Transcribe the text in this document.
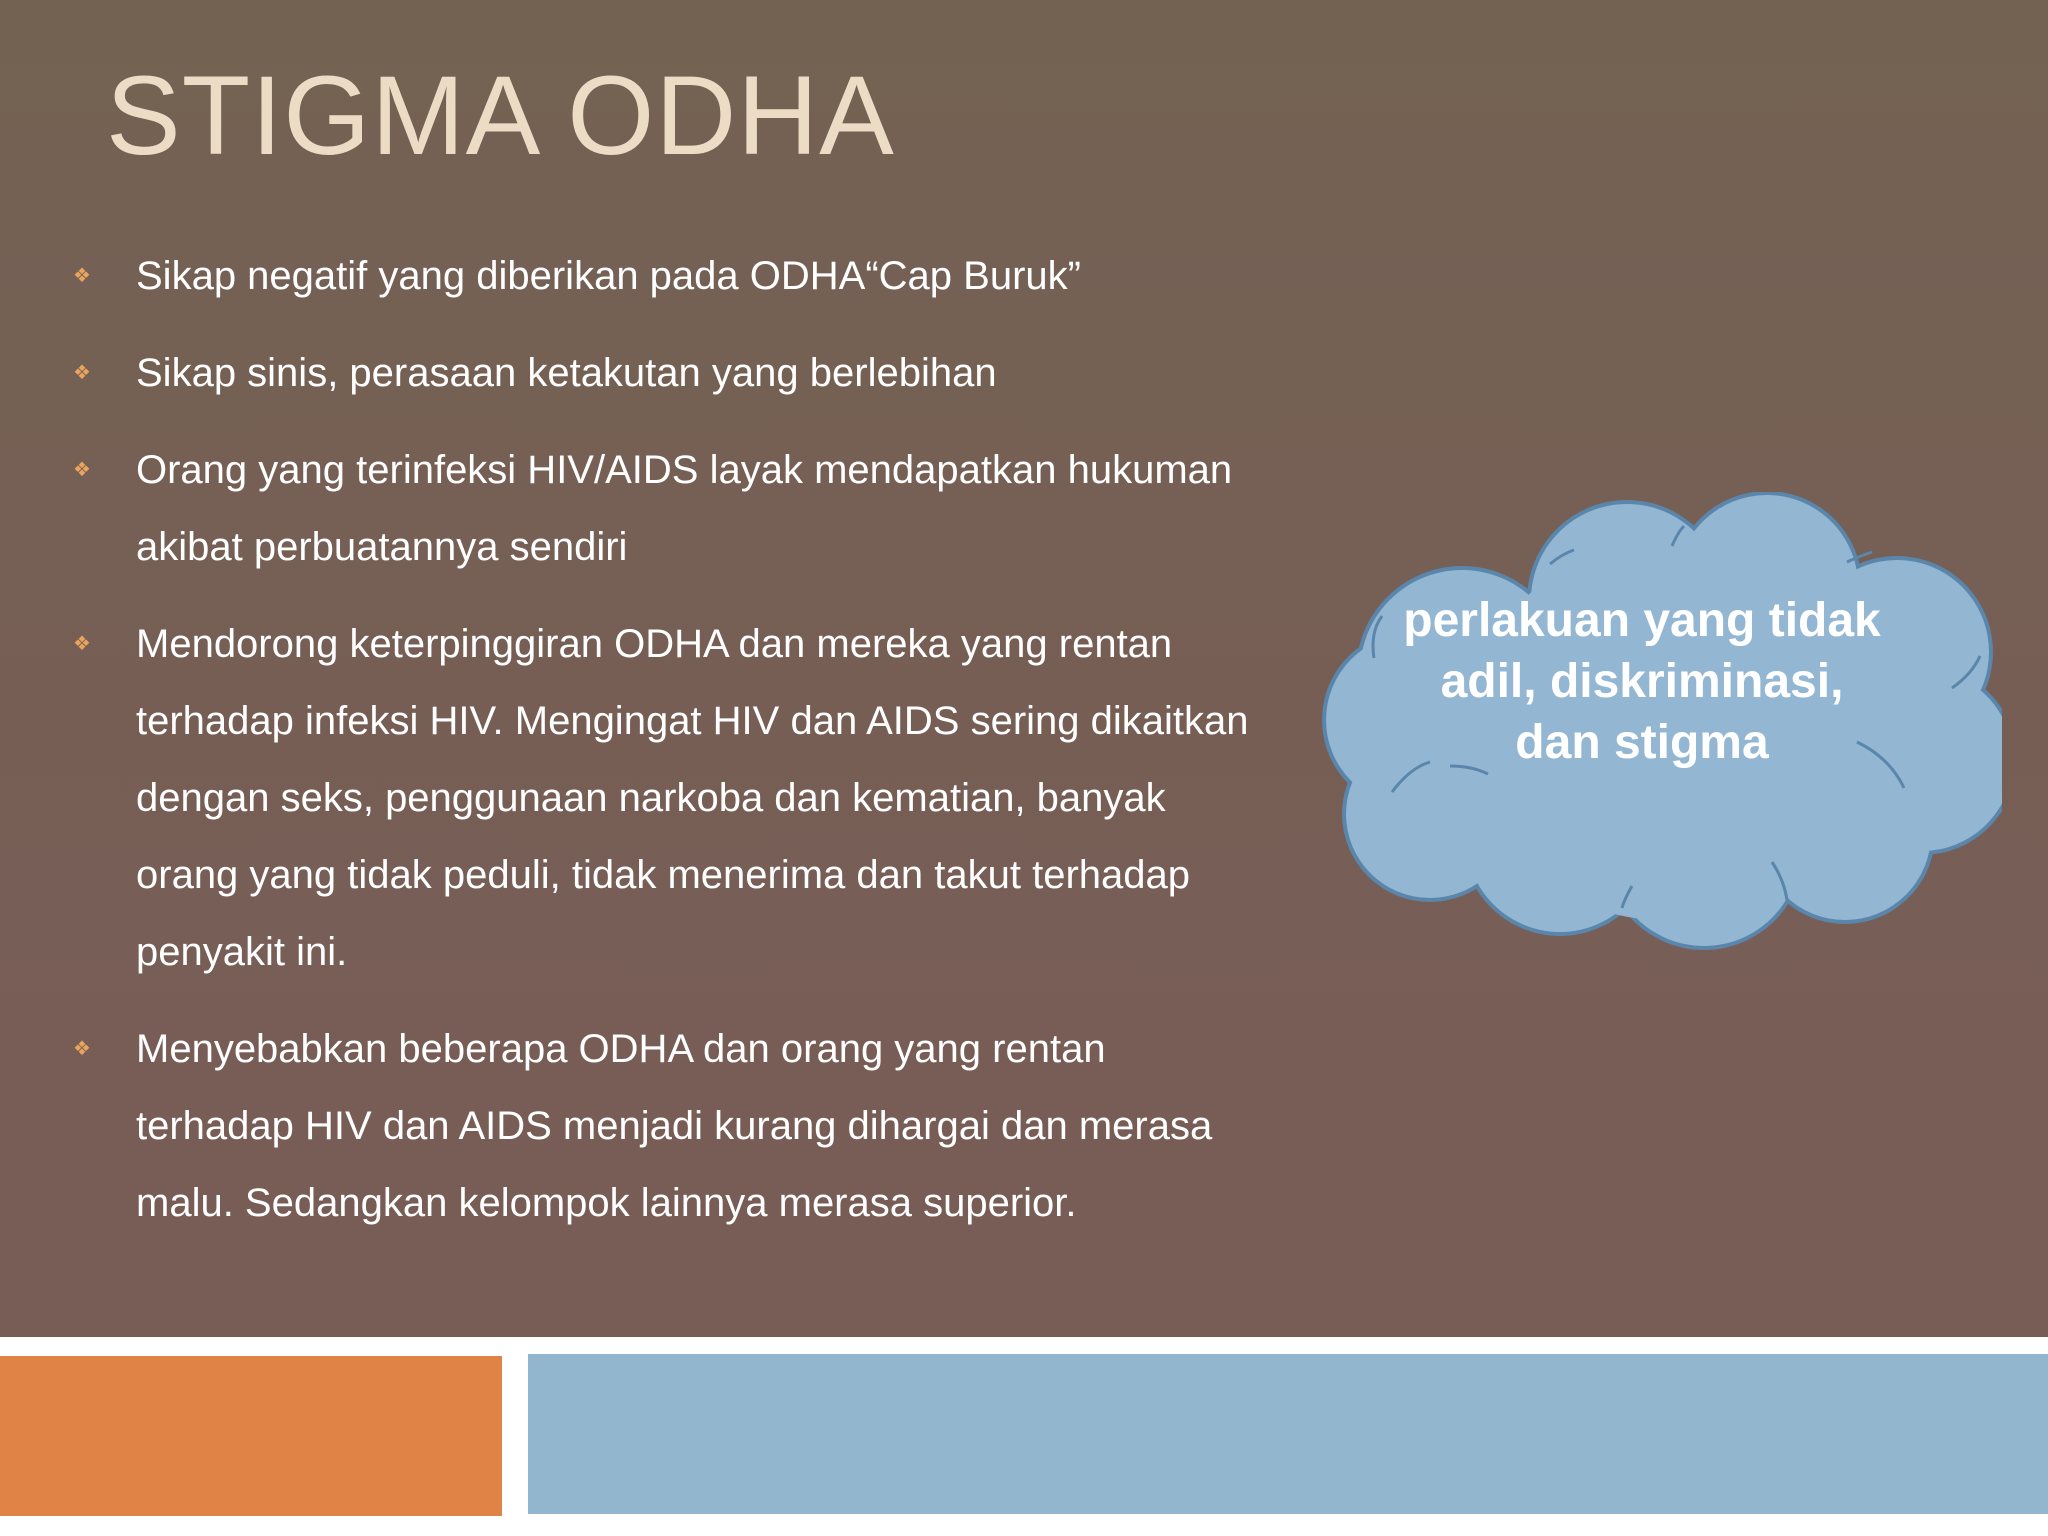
STIGMA ODHA
❖ Sikap negatif yang diberikan pada ODHA“Cap Buruk”
❖ Sikap sinis, perasaan ketakutan yang berlebihan
❖ Orang yang terinfeksi HIV/AIDS layak mendapatkan hukuman akibat perbuatannya sendiri
❖ Mendorong keterpinggiran ODHA dan mereka yang rentan terhadap infeksi HIV. Mengingat HIV dan AIDS sering dikaitkan dengan seks, penggunaan narkoba dan kematian, banyak orang yang tidak peduli, tidak menerima dan takut terhadap penyakit ini.
❖ Menyebabkan beberapa ODHA dan orang yang rentan terhadap HIV dan AIDS menjadi kurang dihargai dan merasa malu. Sedangkan kelompok lainnya merasa superior.

perlakuan yang tidak adil, diskriminasi, dan stigma
